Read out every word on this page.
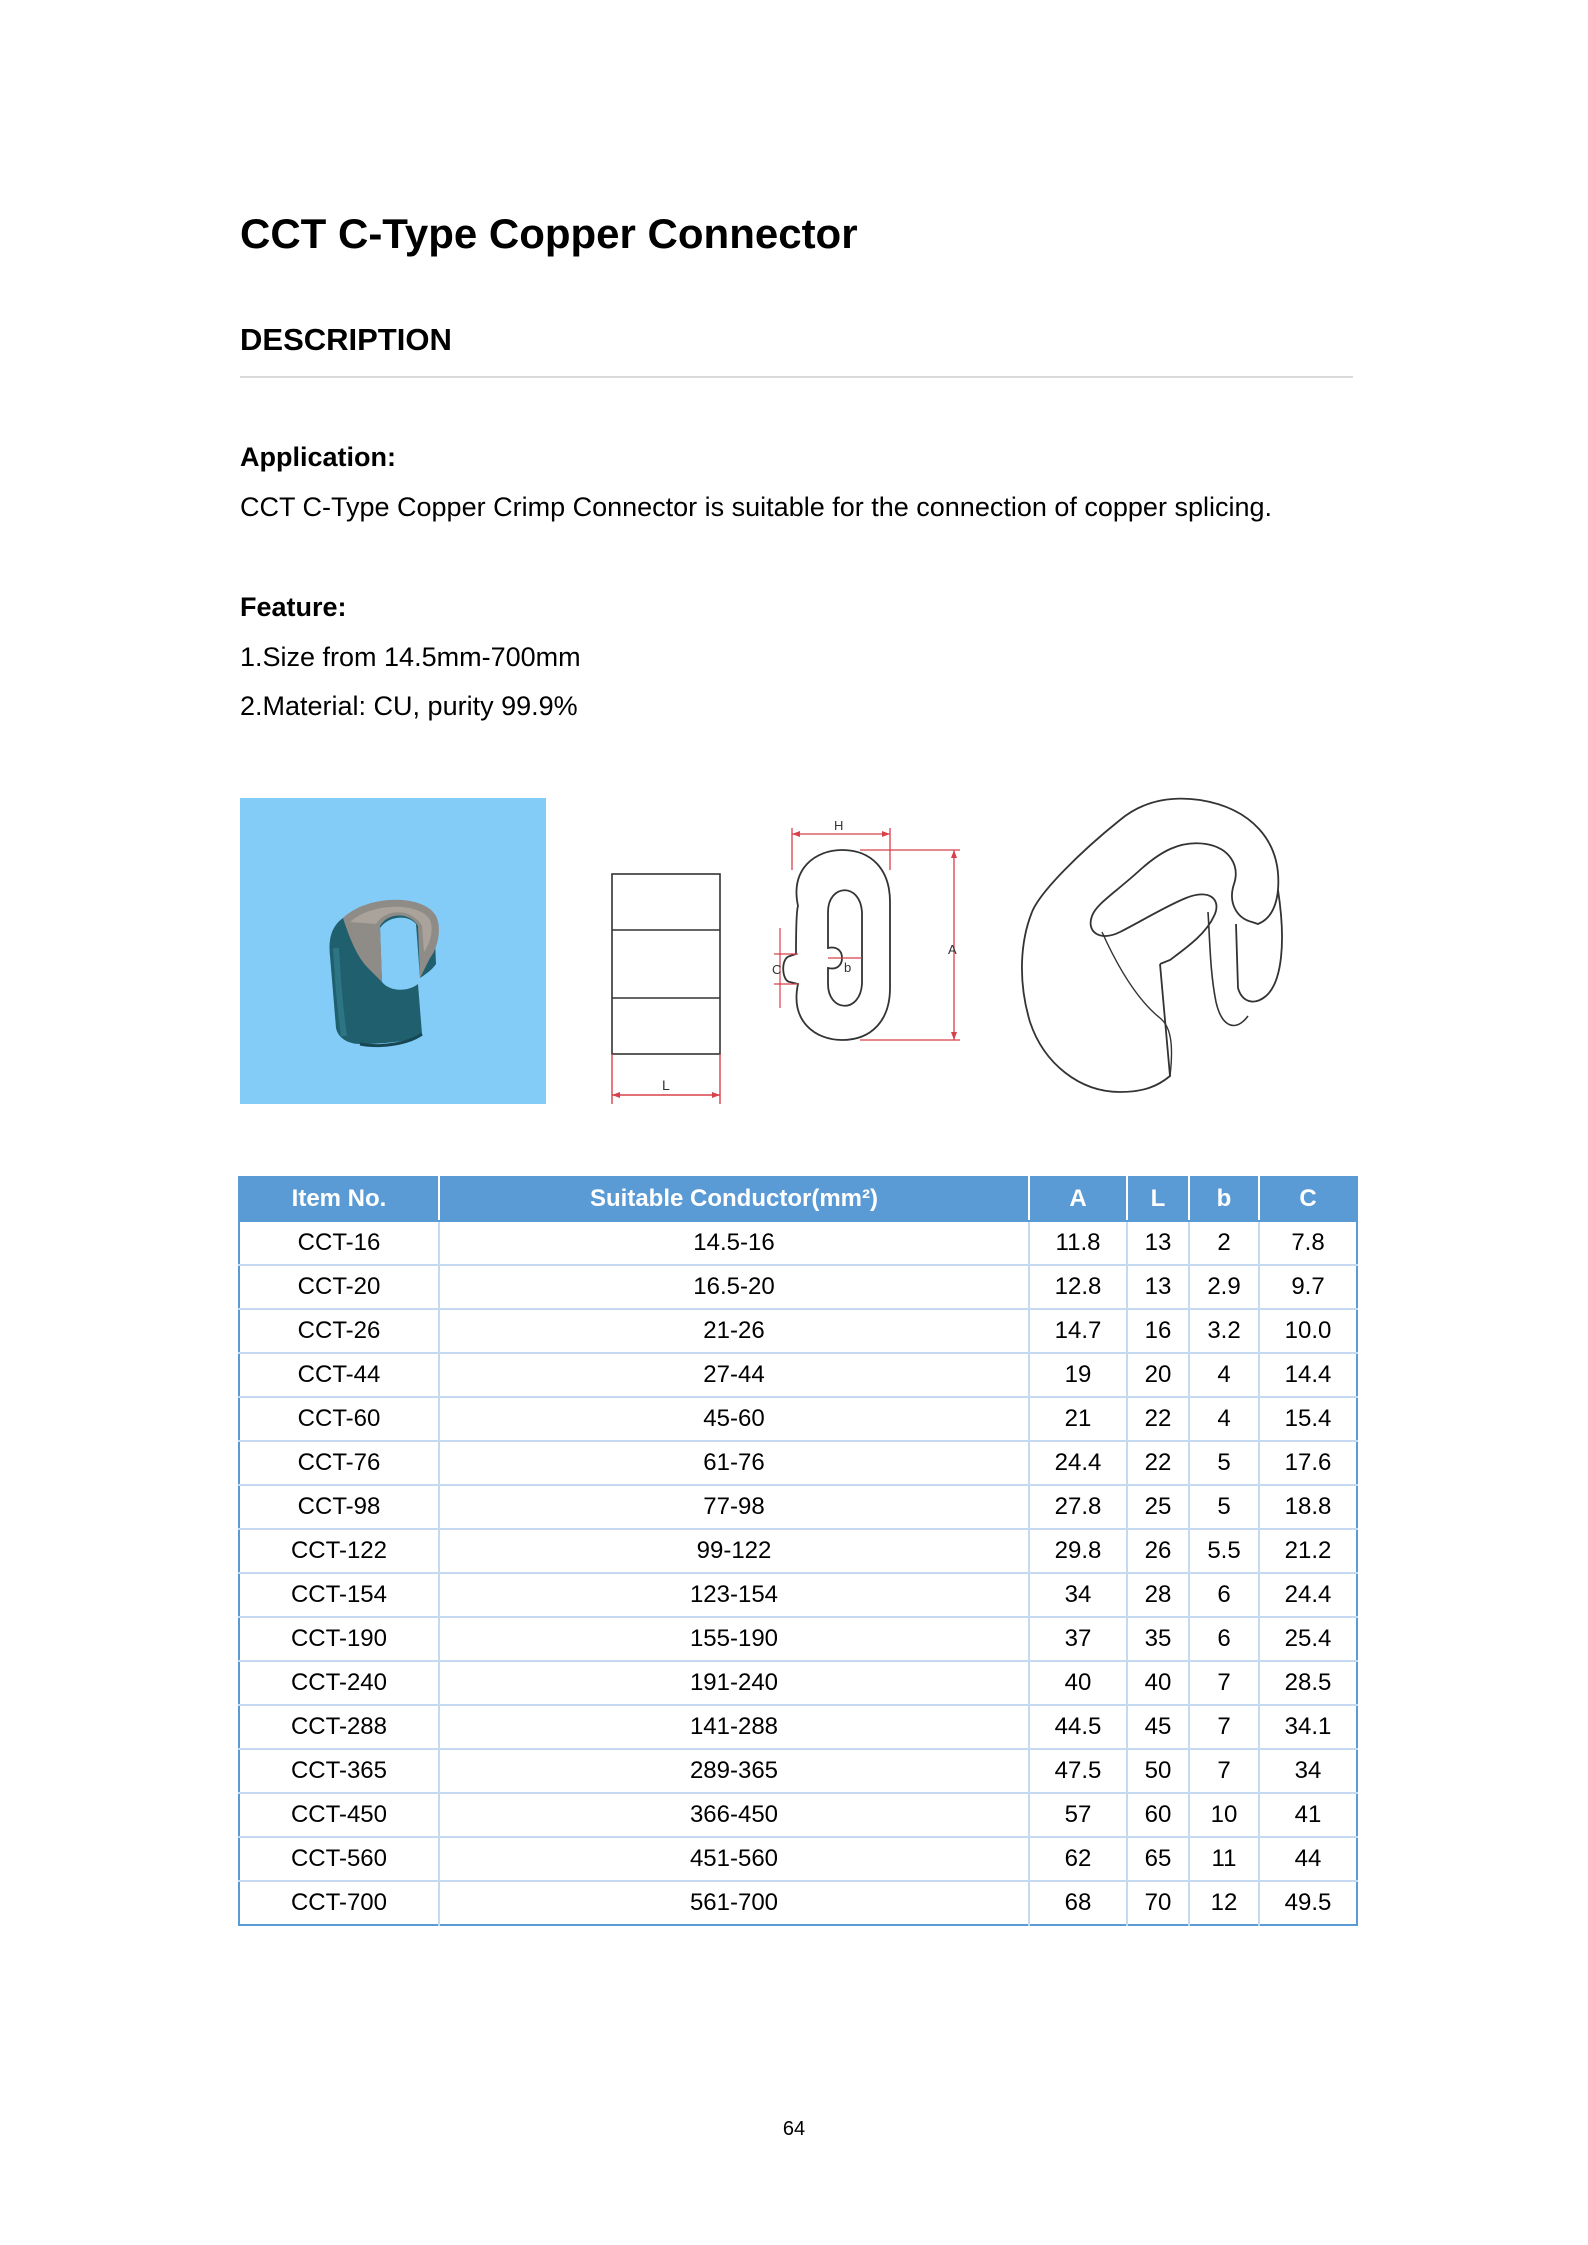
CCT C-Type Copper Connector
DESCRIPTION

Application:

CCT C-Type Copper Crimp Connector is suitable for the connection of copper splicing.

Feature:

1.Size from 14.5mm-700mm

2.Material: CU, purity 99.9%

L
H
A
b
C
Item No.	Suitable Conductor(mm²)	A	L	b	C
CCT-16	14.5-16	11.8	13	2	7.8
CCT-20	16.5-20	12.8	13	2.9	9.7
CCT-26	21-26	14.7	16	3.2	10.0
CCT-44	27-44	19	20	4	14.4
CCT-60	45-60	21	22	4	15.4
CCT-76	61-76	24.4	22	5	17.6
CCT-98	77-98	27.8	25	5	18.8
CCT-122	99-122	29.8	26	5.5	21.2
CCT-154	123-154	34	28	6	24.4
CCT-190	155-190	37	35	6	25.4
CCT-240	191-240	40	40	7	28.5
CCT-288	141-288	44.5	45	7	34.1
CCT-365	289-365	47.5	50	7	34
CCT-450	366-450	57	60	10	41
CCT-560	451-560	62	65	11	44
CCT-700	561-700	68	70	12	49.5
64
